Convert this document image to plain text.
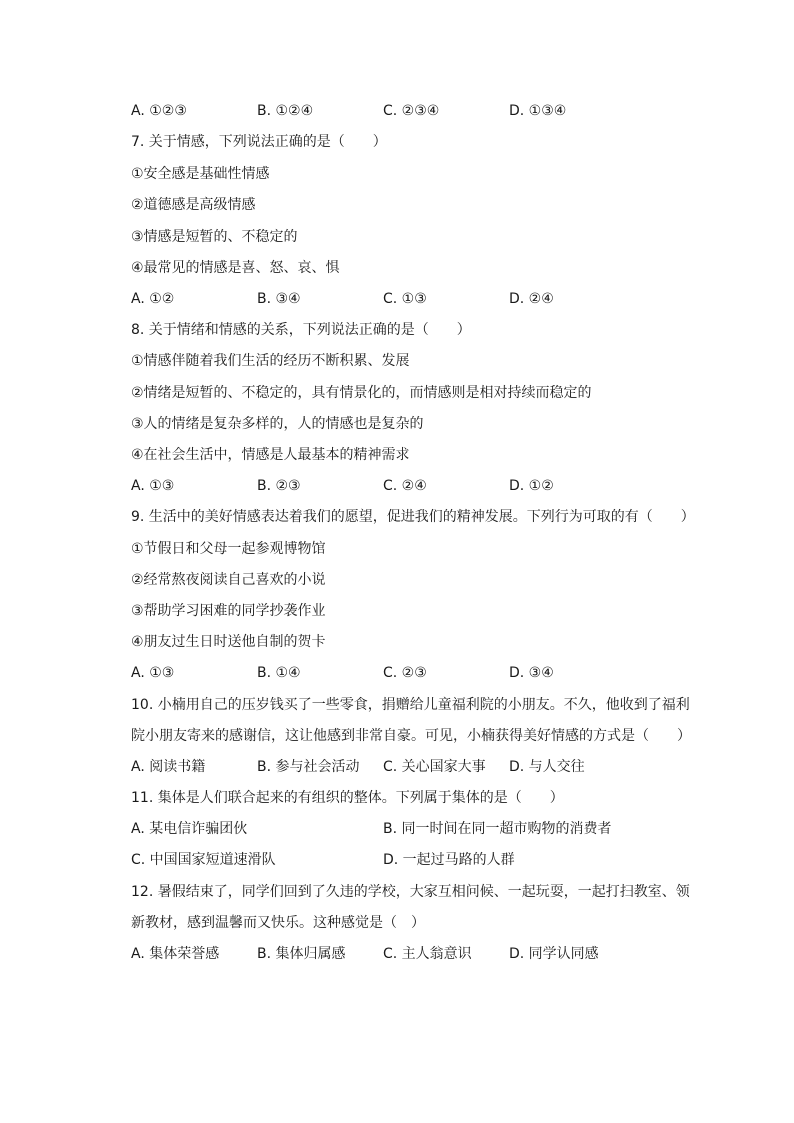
A. ①②③	B. ①②④	C. ②③④	D. ①③④
7. 关于情感，下列说法正确的是（　　）
①安全感是基础性情感
②道德感是高级情感
③情感是短暂的、不稳定的
④最常见的情感是喜、怒、哀、惧
A. ①②	B. ③④	C. ①③	D. ②④
8. 关于情绪和情感的关系，下列说法正确的是（　　）
①情感伴随着我们生活的经历不断积累、发展
②情绪是短暂的、不稳定的，具有情景化的，而情感则是相对持续而稳定的
③人的情绪是复杂多样的，人的情感也是复杂的
④在社会生活中，情感是人最基本的精神需求
A. ①③	B. ②③	C. ②④	D. ①②
9. 生活中的美好情感表达着我们的愿望，促进我们的精神发展。下列行为可取的有（　　）
①节假日和父母一起参观博物馆
②经常熬夜阅读自己喜欢的小说
③帮助学习困难的同学抄袭作业
④朋友过生日时送他自制的贺卡
A. ①③	B. ①④	C. ②③	D. ③④
10. 小楠用自己的压岁钱买了一些零食，捐赠给儿童福利院的小朋友。不久，他收到了福利
院小朋友寄来的感谢信，这让他感到非常自豪。可见，小楠获得美好情感的方式是（　　）
A. 阅读书籍	B. 参与社会活动 C. 关心国家大事 D. 与人交往
11. 集体是人们联合起来的有组织的整体。下列属于集体的是（　　）
A. 某电信诈骗团伙	B. 同一时间在同一超市购物的消费者
C. 中国国家短道速滑队	D. 一起过马路的人群
12. 暑假结束了，同学们回到了久违的学校，大家互相问候、一起玩耍，一起打扫教室、领
新教材，感到温馨而又快乐。这种感觉是（　）
A. 集体荣誉感	B. 集体归属感	C. 主人翁意识	D. 同学认同感
